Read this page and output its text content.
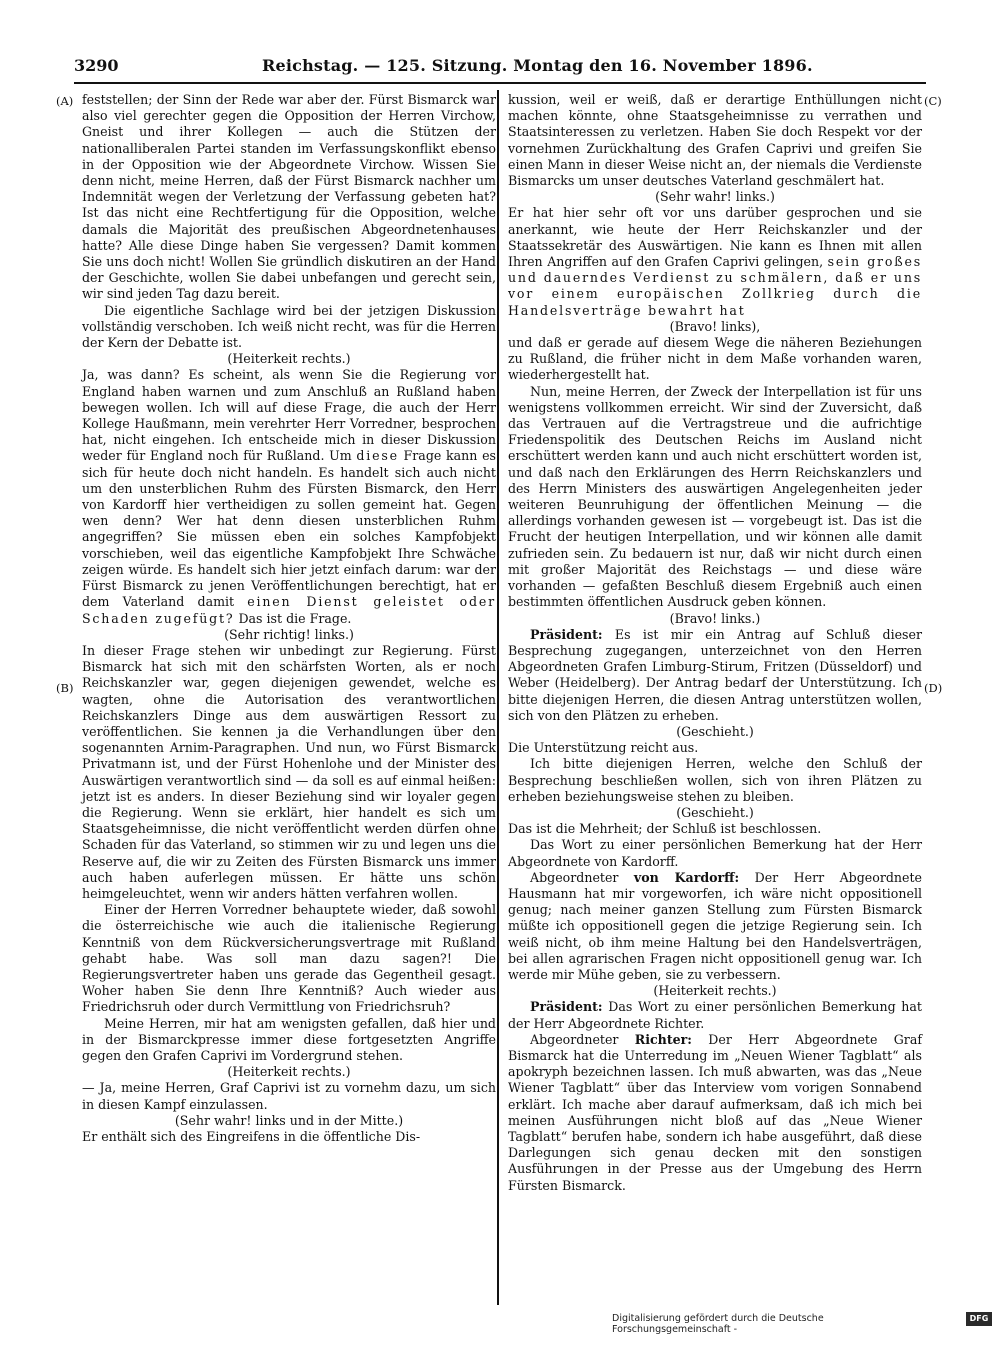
3290	Reichstag. — 125. Sitzung. Montag den 16. November 1896.
(A)
(B)
(C)
(D)

feststellen; der Sinn der Rede war aber der. Fürst Bismarck war also viel gerechter gegen die Opposition der Herren Virchow, Gneist und ihrer Kollegen — auch die Stützen der nationalliberalen Partei standen im Verfassungskonflikt ebenso in der Opposition wie der Abgeordnete Virchow. Wissen Sie denn nicht, meine Herren, daß der Fürst Bismarck nachher um Indemnität wegen der Verletzung der Verfassung gebeten hat? Ist das nicht eine Rechtfertigung für die Opposition, welche damals die Majorität des preußischen Abgeordnetenhauses hatte? Alle diese Dinge haben Sie vergessen? Damit kommen Sie uns doch nicht! Wollen Sie gründlich diskutiren an der Hand der Geschichte, wollen Sie dabei unbefangen und gerecht sein, wir sind jeden Tag dazu bereit.

Die eigentliche Sachlage wird bei der jetzigen Diskussion vollständig verschoben. Ich weiß nicht recht, was für die Herren der Kern der Debatte ist.

(Heiterkeit rechts.)

Ja, was dann? Es scheint, als wenn Sie die Regierung vor England haben warnen und zum Anschluß an Rußland haben bewegen wollen. Ich will auf diese Frage, die auch der Herr Kollege Haußmann, mein verehrter Herr Vorredner, besprochen hat, nicht eingehen. Ich entscheide mich in dieser Diskussion weder für England noch für Rußland. Um diese Frage kann es sich für heute doch nicht handeln. Es handelt sich auch nicht um den unsterblichen Ruhm des Fürsten Bismarck, den Herr von Kardorff hier vertheidigen zu sollen gemeint hat. Gegen wen denn? Wer hat denn diesen unsterblichen Ruhm angegriffen? Sie müssen eben ein solches Kampfobjekt vorschieben, weil das eigentliche Kampfobjekt Ihre Schwäche zeigen würde. Es handelt sich hier jetzt einfach darum: war der Fürst Bismarck zu jenen Veröffentlichungen berechtigt, hat er dem Vaterland damit einen Dienst geleistet oder Schaden zugefügt? Das ist die Frage.

(Sehr richtig! links.)

In dieser Frage stehen wir unbedingt zur Regierung. Fürst Bismarck hat sich mit den schärfsten Worten, als er noch Reichskanzler war, gegen diejenigen gewendet, welche es wagten, ohne die Autorisation des verantwortlichen Reichskanzlers Dinge aus dem auswärtigen Ressort zu veröffentlichen. Sie kennen ja die Verhandlungen über den sogenannten Arnim-Paragraphen. Und nun, wo Fürst Bismarck Privatmann ist, und der Fürst Hohenlohe und der Minister des Auswärtigen verantwortlich sind — da soll es auf einmal heißen: jetzt ist es anders. In dieser Beziehung sind wir loyaler gegen die Regierung. Wenn sie erklärt, hier handelt es sich um Staatsgeheimnisse, die nicht veröffentlicht werden dürfen ohne Schaden für das Vaterland, so stimmen wir zu und legen uns die Reserve auf, die wir zu Zeiten des Fürsten Bismarck uns immer auch haben auferlegen müssen. Er hätte uns schön heimgeleuchtet, wenn wir anders hätten verfahren wollen.

Einer der Herren Vorredner behauptete wieder, daß sowohl die österreichische wie auch die italienische Regierung Kenntniß von dem Rückversicherungsvertrage mit Rußland gehabt habe. Was soll man dazu sagen?! Die Regierungsvertreter haben uns gerade das Gegentheil gesagt. Woher haben Sie denn Ihre Kenntniß? Auch wieder aus Friedrichsruh oder durch Vermittlung von Friedrichsruh?

Meine Herren, mir hat am wenigsten gefallen, daß hier und in der Bismarckpresse immer diese fortgesetzten Angriffe gegen den Grafen Caprivi im Vordergrund stehen.

(Heiterkeit rechts.)

— Ja, meine Herren, Graf Caprivi ist zu vornehm dazu, um sich in diesen Kampf einzulassen.

(Sehr wahr! links und in der Mitte.)

Er enthält sich des Eingreifens in die öffentliche Dis-

kussion, weil er weiß, daß er derartige Enthüllungen nicht machen könnte, ohne Staatsgeheimnisse zu verrathen und Staatsinteressen zu verletzen. Haben Sie doch Respekt vor der vornehmen Zurückhaltung des Grafen Caprivi und greifen Sie einen Mann in dieser Weise nicht an, der niemals die Verdienste Bismarcks um unser deutsches Vaterland geschmälert hat.

(Sehr wahr! links.)

Er hat hier sehr oft vor uns darüber gesprochen und sie anerkannt, wie heute der Herr Reichskanzler und der Staatssekretär des Auswärtigen. Nie kann es Ihnen mit allen Ihren Angriffen auf den Grafen Caprivi gelingen, sein großes und dauerndes Verdienst zu schmälern, daß er uns vor einem europäischen Zollkrieg durch die Handelsverträge bewahrt hat

(Bravo! links),

und daß er gerade auf diesem Wege die näheren Beziehungen zu Rußland, die früher nicht in dem Maße vorhanden waren, wiederhergestellt hat.

Nun, meine Herren, der Zweck der Interpellation ist für uns wenigstens vollkommen erreicht. Wir sind der Zuversicht, daß das Vertrauen auf die Vertragstreue und die aufrichtige Friedenspolitik des Deutschen Reichs im Ausland nicht erschüttert werden kann und auch nicht erschüttert worden ist, und daß nach den Erklärungen des Herrn Reichskanzlers und des Herrn Ministers des auswärtigen Angelegenheiten jeder weiteren Beunruhigung der öffentlichen Meinung — die allerdings vorhanden gewesen ist — vorgebeugt ist. Das ist die Frucht der heutigen Interpellation, und wir können alle damit zufrieden sein. Zu bedauern ist nur, daß wir nicht durch einen mit großer Majorität des Reichstags — und diese wäre vorhanden — gefaßten Beschluß diesem Ergebniß auch einen bestimmten öffentlichen Ausdruck geben können.

(Bravo! links.)

Präsident: Es ist mir ein Antrag auf Schluß dieser Besprechung zugegangen, unterzeichnet von den Herren Abgeordneten Grafen Limburg-Stirum, Fritzen (Düsseldorf) und Weber (Heidelberg). Der Antrag bedarf der Unterstützung. Ich bitte diejenigen Herren, die diesen Antrag unterstützen wollen, sich von den Plätzen zu erheben.

(Geschieht.)

Die Unterstützung reicht aus.

Ich bitte diejenigen Herren, welche den Schluß der Besprechung beschließen wollen, sich von ihren Plätzen zu erheben beziehungsweise stehen zu bleiben.

(Geschieht.)

Das ist die Mehrheit; der Schluß ist beschlossen.

Das Wort zu einer persönlichen Bemerkung hat der Herr Abgeordnete von Kardorff.

Abgeordneter von Kardorff: Der Herr Abgeordnete Hausmann hat mir vorgeworfen, ich wäre nicht oppositionell genug; nach meiner ganzen Stellung zum Fürsten Bismarck müßte ich oppositionell gegen die jetzige Regierung sein. Ich weiß nicht, ob ihm meine Haltung bei den Handelsverträgen, bei allen agrarischen Fragen nicht oppositionell genug war. Ich werde mir Mühe geben, sie zu verbessern.

(Heiterkeit rechts.)

Präsident: Das Wort zu einer persönlichen Bemerkung hat der Herr Abgeordnete Richter.

Abgeordneter Richter: Der Herr Abgeordnete Graf Bismarck hat die Unterredung im „Neuen Wiener Tagblatt“ als apokryph bezeichnen lassen. Ich muß abwarten, was das „Neue Wiener Tagblatt“ über das Interview vom vorigen Sonnabend erklärt. Ich mache aber darauf aufmerksam, daß ich mich bei meinen Ausführungen nicht bloß auf das „Neue Wiener Tagblatt“ berufen habe, sondern ich habe ausgeführt, daß diese Darlegungen sich genau decken mit den sonstigen Ausführungen in der Presse aus der Umgebung des Herrn Fürsten Bismarck.

Digitalisierung gefördert durch die Deutsche Forschungsgemeinschaft -
DFG
